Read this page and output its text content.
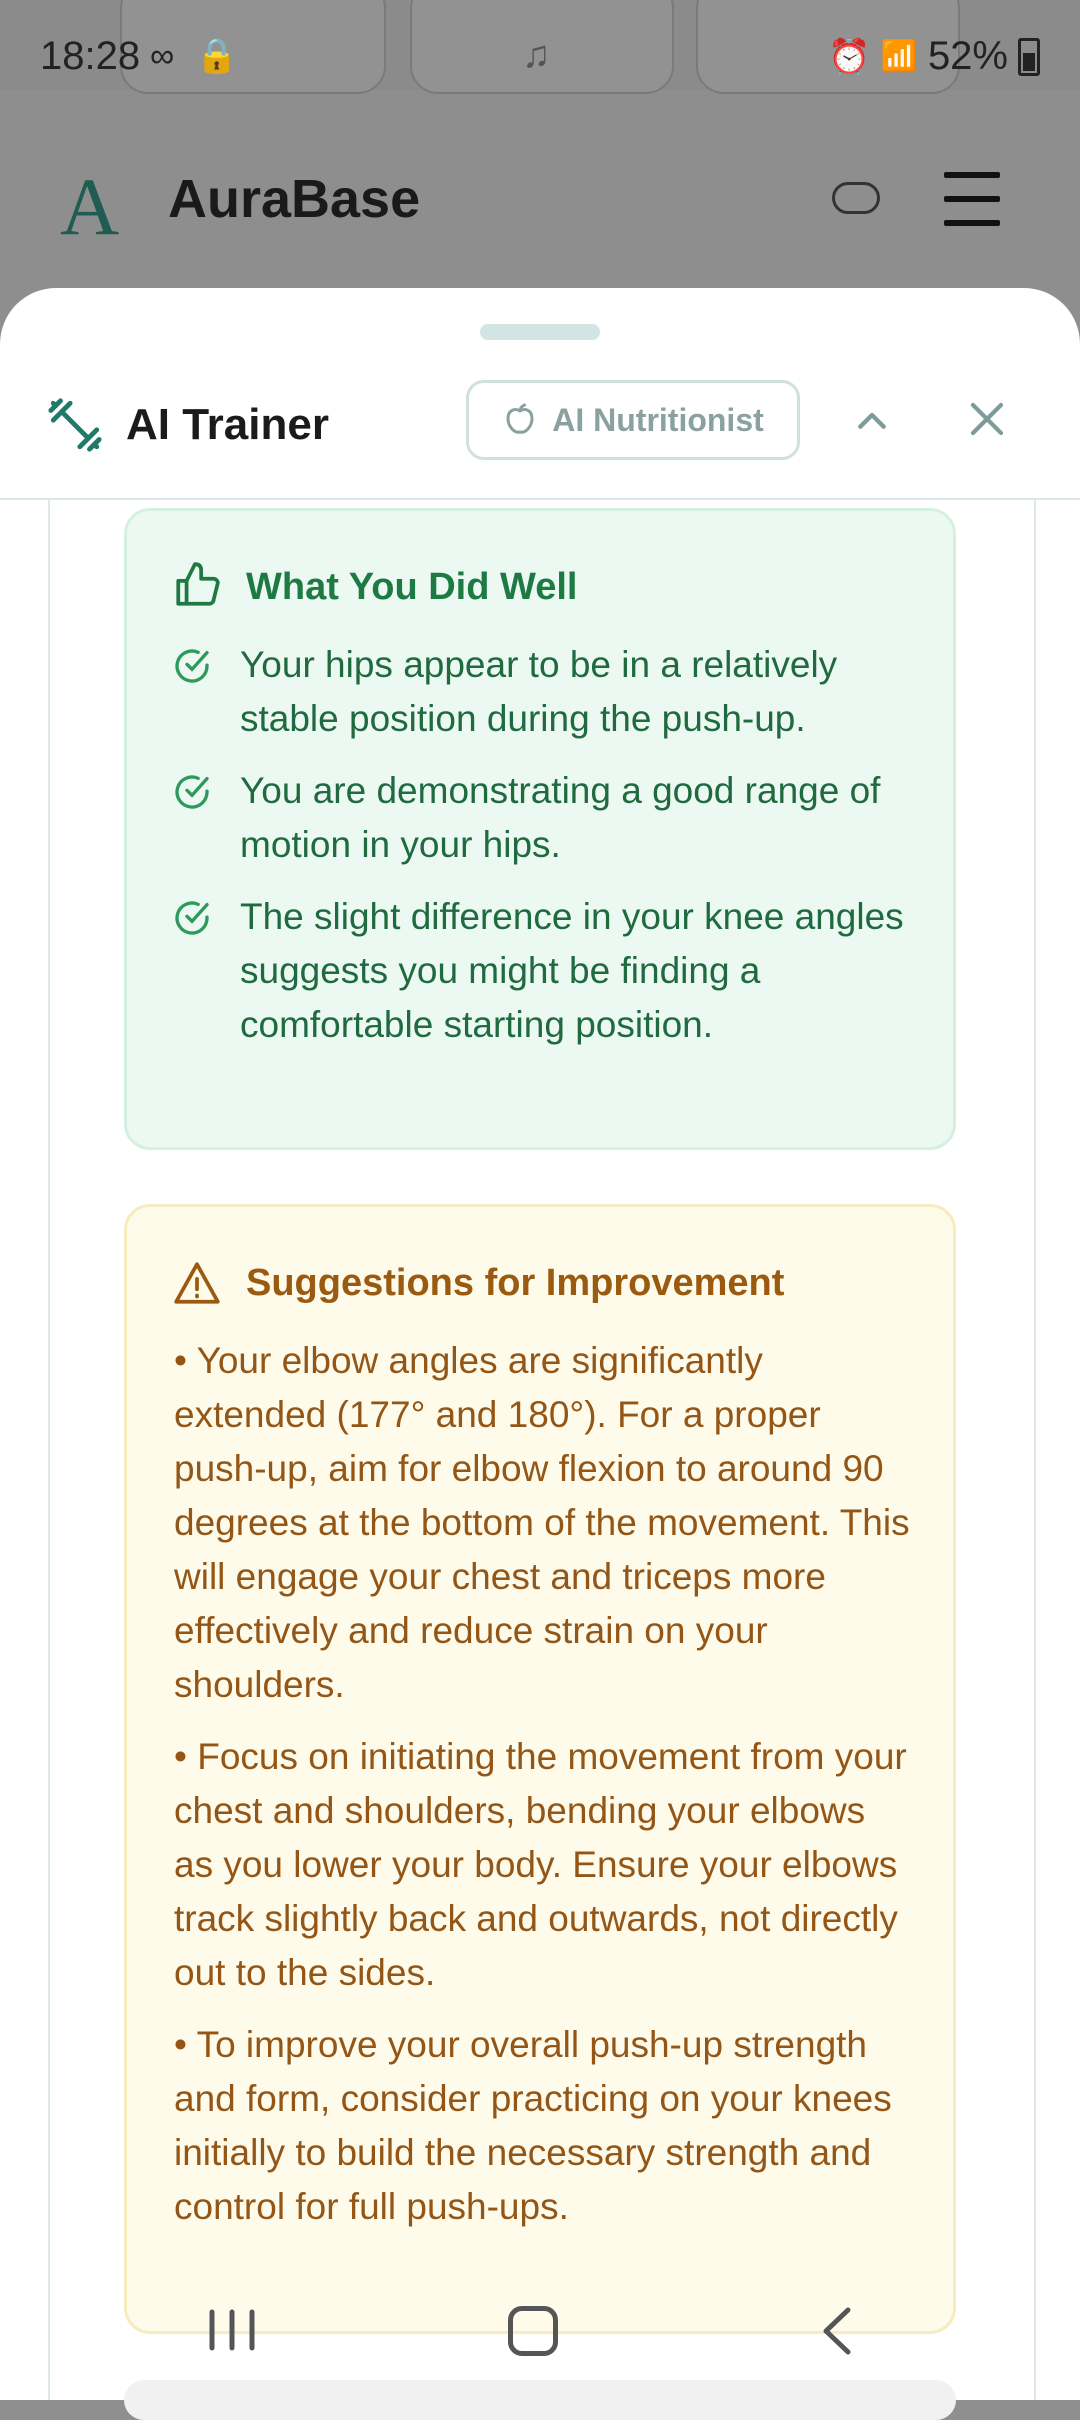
♫
18:28 ∞ 🔒	⏰ 📶 52%
A AuraBase
AI Trainer	AI Nutritionist
What You Did Well
Your hips appear to be in a relatively stable position during the push-up.
You are demonstrating a good range of motion in your hips.
The slight difference in your knee angles suggests you might be finding a comfortable starting position.
Suggestions for Improvement
• Your elbow angles are significantly extended (177° and 180°). For a proper push-up, aim for elbow flexion to around 90 degrees at the bottom of the movement. This will engage your chest and triceps more effectively and reduce strain on your shoulders.
• Focus on initiating the movement from your chest and shoulders, bending your elbows as you lower your body. Ensure your elbows track slightly back and outwards, not directly out to the sides.
• To improve your overall push-up strength and form, consider practicing on your knees initially to build the necessary strength and control for full push-ups.
